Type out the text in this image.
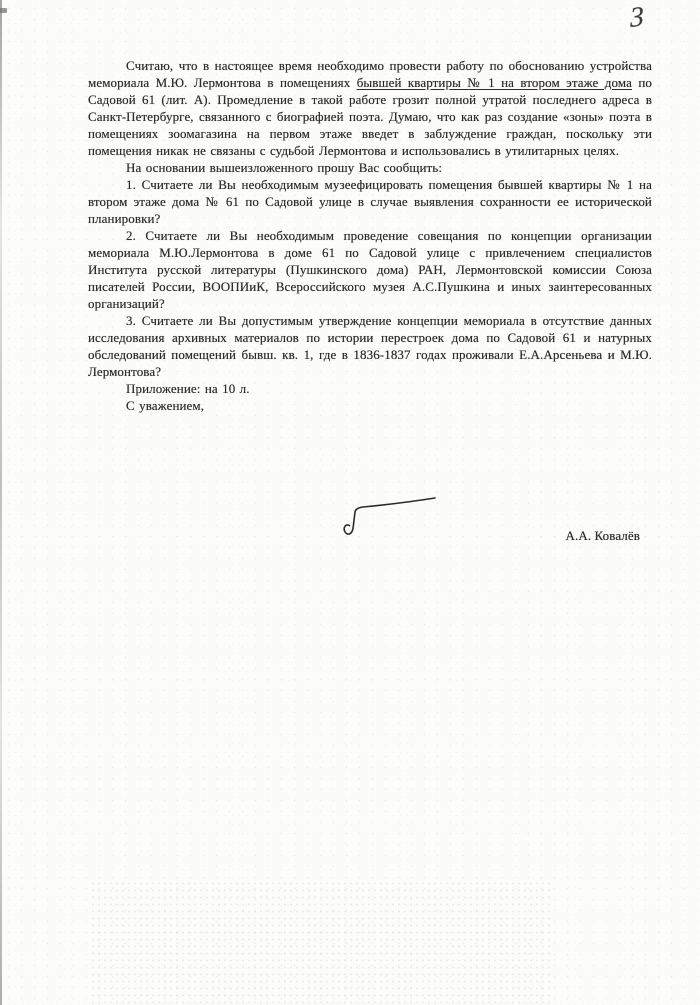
3

Считаю, что в настоящее время необходимо провести работу по обоснованию устройства мемориала М.Ю. Лермонтова в помещениях бывшей квартиры № 1 на втором этаже дома по Садовой 61 (лит. А). Промедление в такой работе грозит полной утратой последнего адреса в Санкт-Петербурге, связанного с биографией поэта. Думаю, что как раз создание «зоны» поэта в помещениях зоомагазина на первом этаже введет в заблуждение граждан, поскольку эти помещения никак не связаны с судьбой Лермонтова и использовались в утилитарных целях.

На основании вышеизложенного прошу Вас сообщить:

1. Считаете ли Вы необходимым музеефицировать помещения бывшей квартиры № 1 на втором этаже дома № 61 по Садовой улице в случае выявления сохранности ее исторической планировки?

2. Считаете ли Вы необходимым проведение совещания по концепции организации мемориала М.Ю.Лермонтова в доме 61 по Садовой улице с привлечением специалистов Института русской литературы (Пушкинского дома) РАН, Лермонтовской комиссии Союза писателей России, ВООПИиК, Всероссийского музея А.С.Пушкина и иных заинтересованных организаций?

3. Считаете ли Вы допустимым утверждение концепции мемориала в отсутствие данных исследования архивных материалов по истории перестроек дома по Садовой 61 и натурных обследований помещений бывш. кв. 1, где в 1836-1837 годах проживали Е.А.Арсеньева и М.Ю. Лермонтова?

Приложение: на 10 л.

С уважением,

А.А. Ковалёв
